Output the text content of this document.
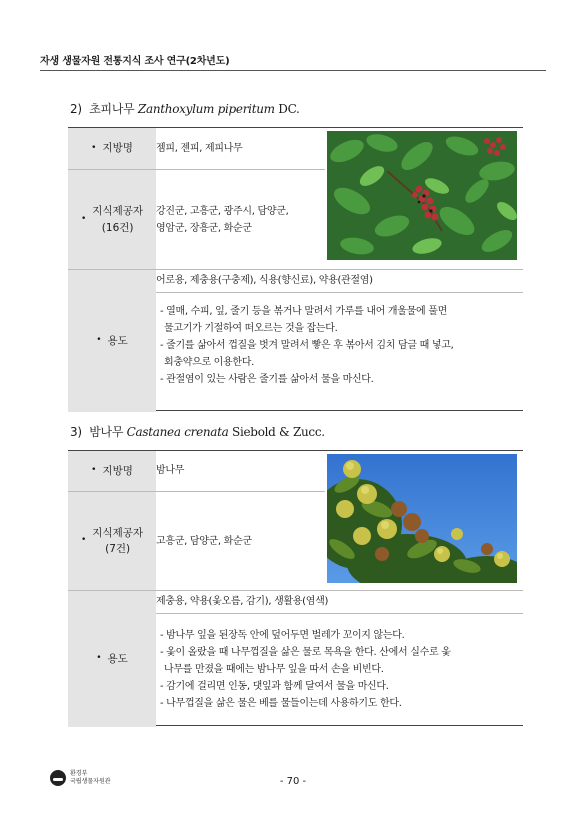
자생 생물자원 전통지식 조사 연구(2차년도)
2) 초피나무 Zanthoxylum piperitum DC.
• 지방명 젬피, 젠피, 제피나무
•
지식제공자
(16건)
강진군, 고흥군, 광주시, 담양군,
영암군, 장흥군, 화순군
• 용도
어로용, 제충용(구충제), 식용(향신료), 약용(관절염)
- 열매, 수피, 잎, 줄기 등을 볶거나 말려서 가루를 내어 개울물에 풀면
물고기가 기절하여 떠오르는 것을 잡는다.
- 줄기를 삶아서 껍질을 벗겨 말려서 빻은 후 볶아서 김치 담글 때 넣고,
회충약으로 이용한다.
- 관절염이 있는 사람은 줄기를 삶아서 물을 마신다.
3) 밤나무 Castanea crenata Siebold & Zucc.
• 지방명 밤나무
•
지식제공자
(7건)
고흥군, 담양군, 화순군
• 용도
제충용, 약용(옻오름, 감기), 생활용(염색)
- 밤나무 잎을 된장독 안에 덮어두면 벌레가 꼬이지 않는다.
- 옻이 올랐을 때 나무껍질을 삶은 물로 목욕을 한다. 산에서 실수로 옻
나무를 만졌을 때에는 밤나무 잎을 따서 손을 비빈다.
- 감기에 걸리면 인동, 댓잎과 함께 달여서 물을 마신다.
- 나무껍질을 삶은 물은 베를 물들이는데 사용하기도 한다.
환경부
국립생물자원관	- 70 -
